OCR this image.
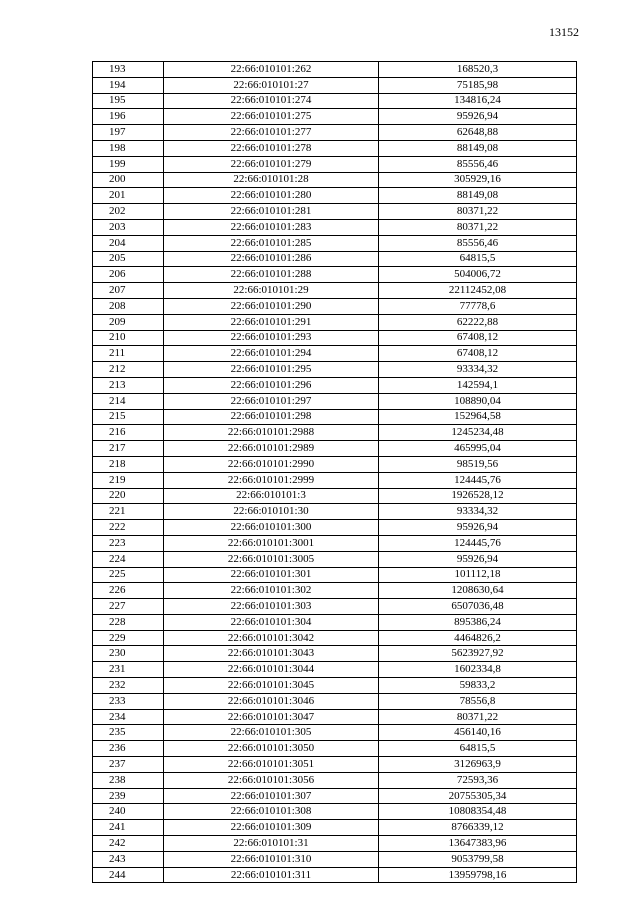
13152
193	22:66:010101:262	168520,3
194	22:66:010101:27	75185,98
195	22:66:010101:274	134816,24
196	22:66:010101:275	95926,94
197	22:66:010101:277	62648,88
198	22:66:010101:278	88149,08
199	22:66:010101:279	85556,46
200	22:66:010101:28	305929,16
201	22:66:010101:280	88149,08
202	22:66:010101:281	80371,22
203	22:66:010101:283	80371,22
204	22:66:010101:285	85556,46
205	22:66:010101:286	64815,5
206	22:66:010101:288	504006,72
207	22:66:010101:29	22112452,08
208	22:66:010101:290	77778,6
209	22:66:010101:291	62222,88
210	22:66:010101:293	67408,12
211	22:66:010101:294	67408,12
212	22:66:010101:295	93334,32
213	22:66:010101:296	142594,1
214	22:66:010101:297	108890,04
215	22:66:010101:298	152964,58
216	22:66:010101:2988	1245234,48
217	22:66:010101:2989	465995,04
218	22:66:010101:2990	98519,56
219	22:66:010101:2999	124445,76
220	22:66:010101:3	1926528,12
221	22:66:010101:30	93334,32
222	22:66:010101:300	95926,94
223	22:66:010101:3001	124445,76
224	22:66:010101:3005	95926,94
225	22:66:010101:301	101112,18
226	22:66:010101:302	1208630,64
227	22:66:010101:303	6507036,48
228	22:66:010101:304	895386,24
229	22:66:010101:3042	4464826,2
230	22:66:010101:3043	5623927,92
231	22:66:010101:3044	1602334,8
232	22:66:010101:3045	59833,2
233	22:66:010101:3046	78556,8
234	22:66:010101:3047	80371,22
235	22:66:010101:305	456140,16
236	22:66:010101:3050	64815,5
237	22:66:010101:3051	3126963,9
238	22:66:010101:3056	72593,36
239	22:66:010101:307	20755305,34
240	22:66:010101:308	10808354,48
241	22:66:010101:309	8766339,12
242	22:66:010101:31	13647383,96
243	22:66:010101:310	9053799,58
244	22:66:010101:311	13959798,16
